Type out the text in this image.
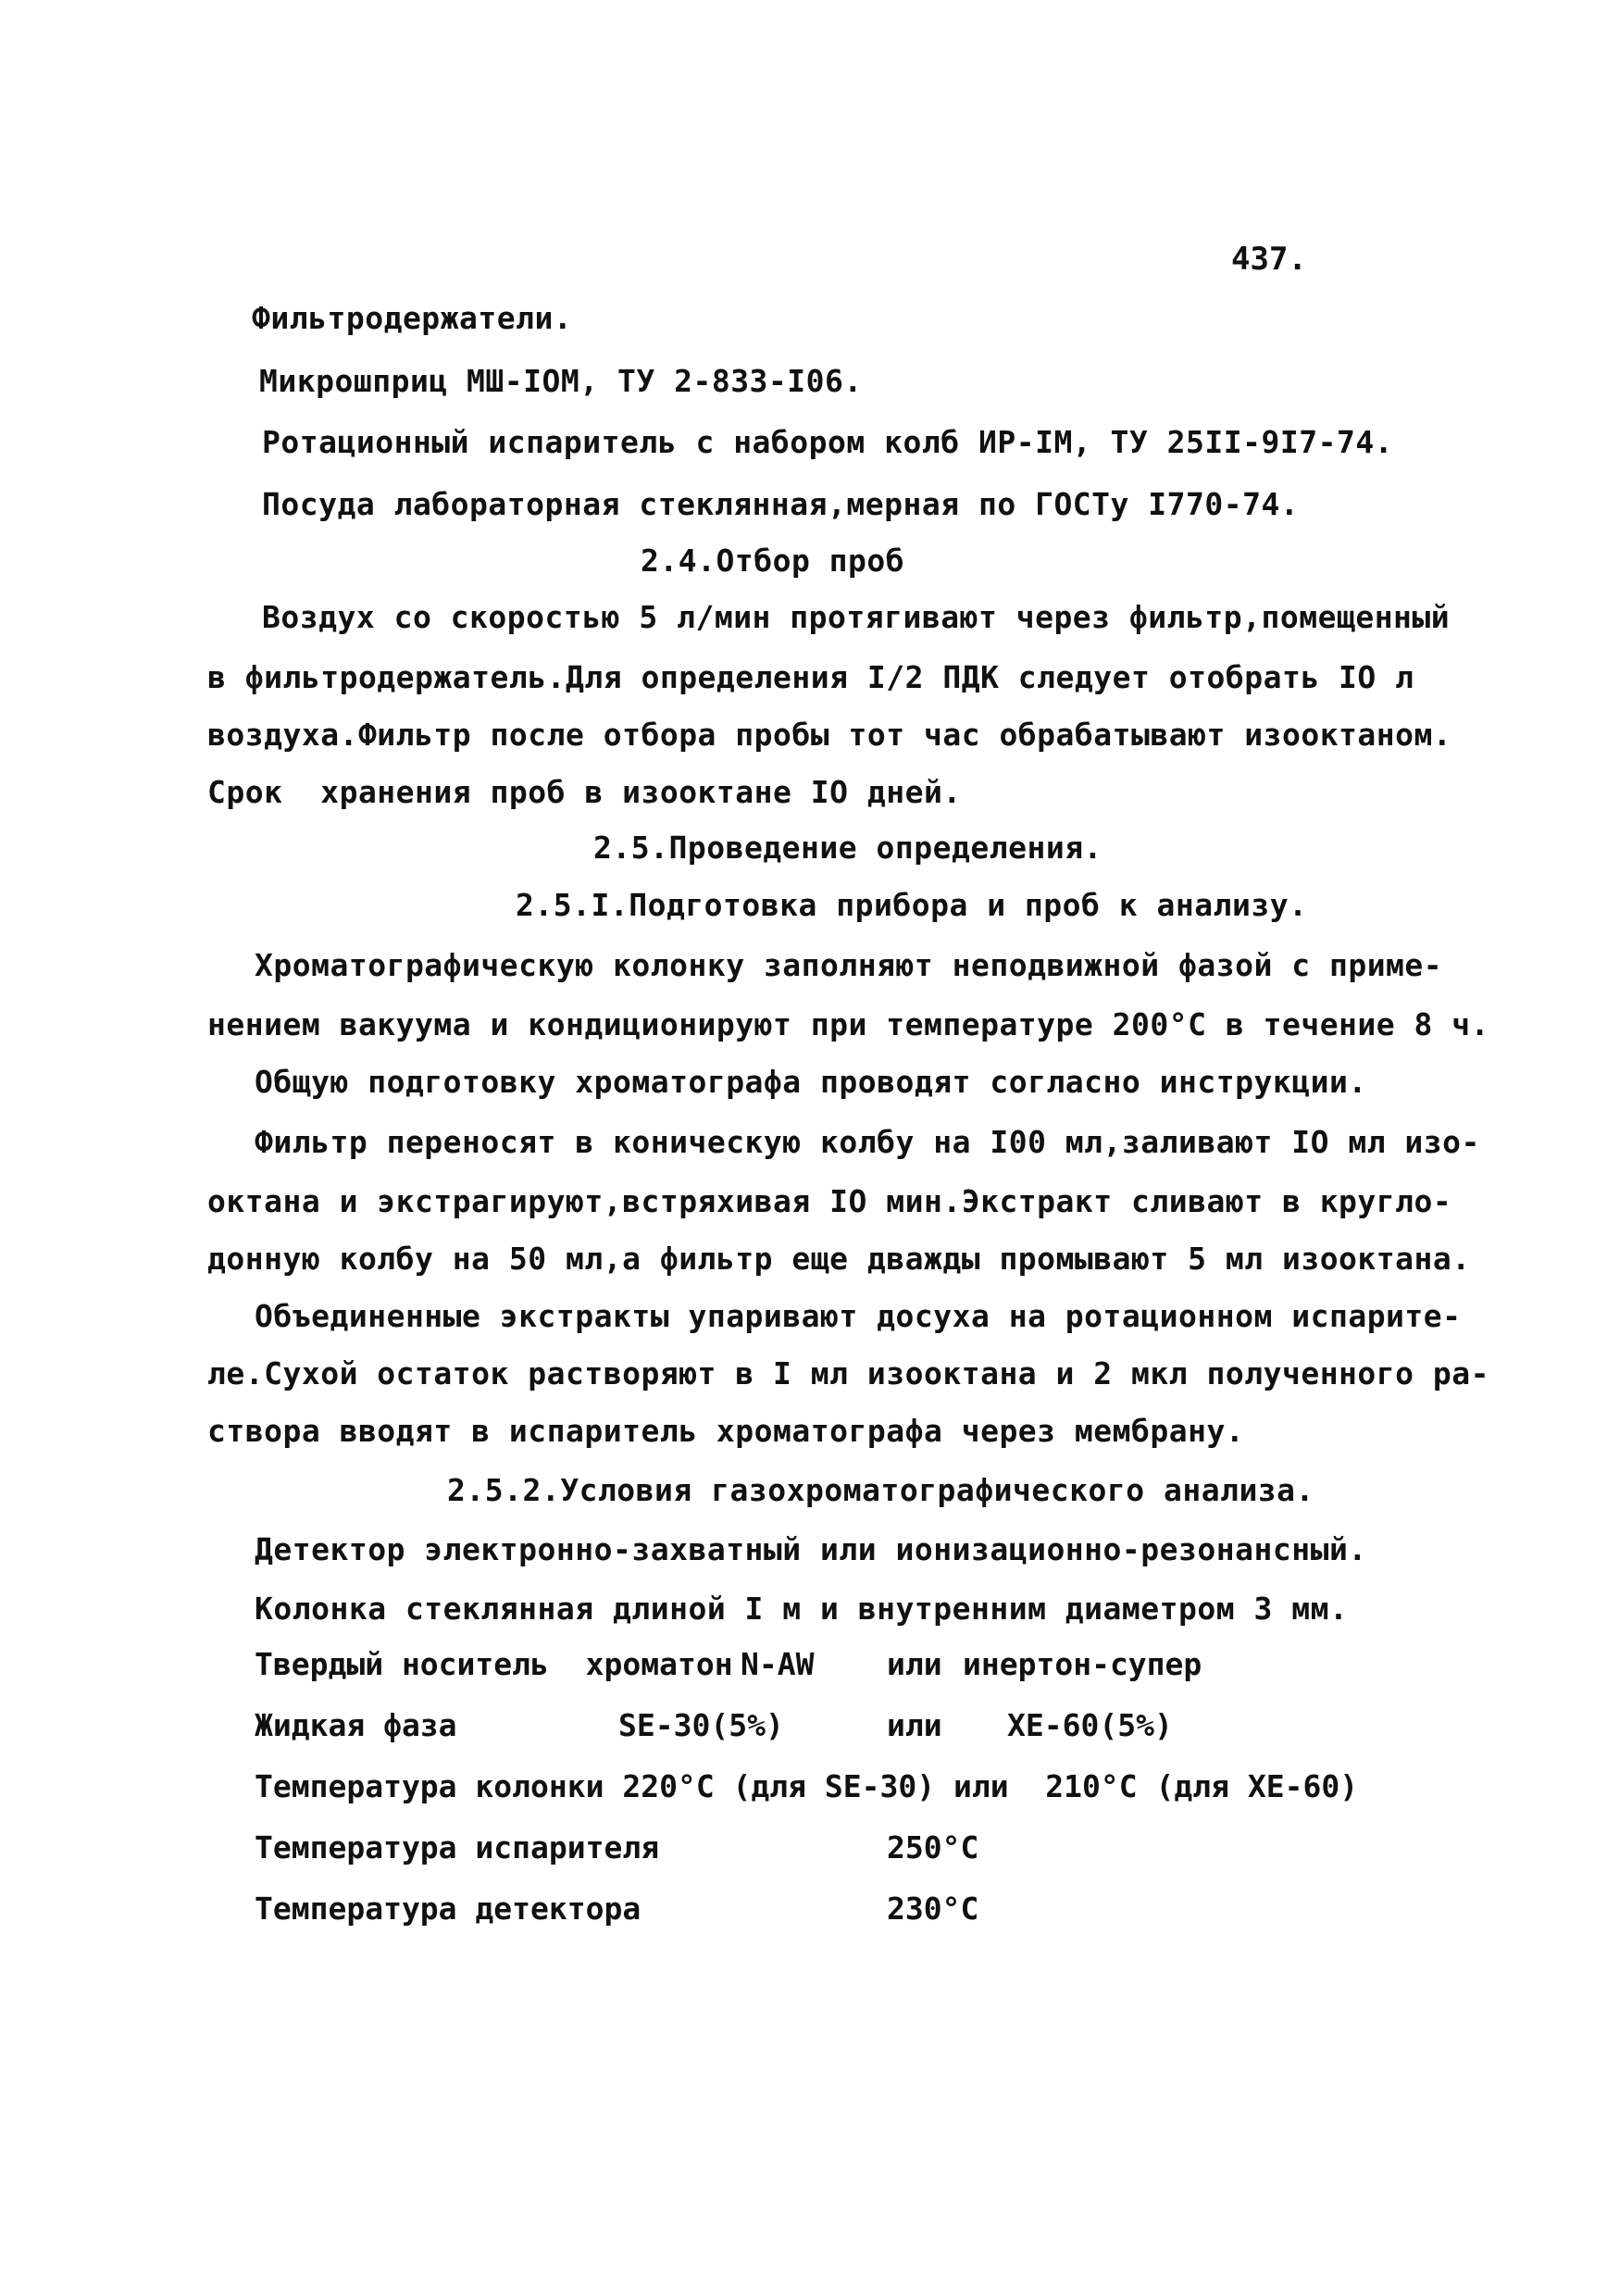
437.
Фильтродержатели.
Микрошприц МШ-IOM, ТУ 2-833-I06.
Ротационный испаритель с набором колб ИР-IM, ТУ 25II-9I7-74.
Посуда лабораторная стеклянная,мерная по ГОСТу I770-74.
2.4.Отбор проб
Воздух со скоростью 5 л/мин протягивают через фильтр,помещенный
в фильтродержатель.Для определения I/2 ПДК следует отобрать IO л
воздуха.Фильтр после отбора пробы тот час обрабатывают изооктаном.
Срок  хранения проб в изооктане IO дней.
2.5.Проведение определения.
2.5.I.Подготовка прибора и проб к анализу.
Хроматографическую колонку заполняют неподвижной фазой с приме-
нением вакуума и кондиционируют при температуре 200°С в течение 8 ч.
Общую подготовку хроматографа проводят согласно инструкции.
Фильтр переносят в коническую колбу на I00 мл,заливают IO мл изо-
октана и экстрагируют,встряхивая IO мин.Экстракт сливают в кругло-
донную колбу на 50 мл,а фильтр еще дважды промывают 5 мл изооктана.
Объединенные экстракты упаривают досуха на ротационном испарите-
ле.Сухой остаток растворяют в I мл изооктана и 2 мкл полученного ра-
створа вводят в испаритель хроматографа через мембрану.
2.5.2.Условия газохроматографического анализа.
Детектор электронно-захватный или ионизационно-резонансный.
Колонка стеклянная длиной I м и внутренним диаметром 3 мм.
Твердый носитель  хроматон N-AW или инертон-супер
Жидкая фаза	SE-30(5%)	или XE-60(5%)
Температура колонки 220°С (для SE-30) или  210°С (для XE-60)
Температура испарителя	250°С
Температура детектора	230°С
